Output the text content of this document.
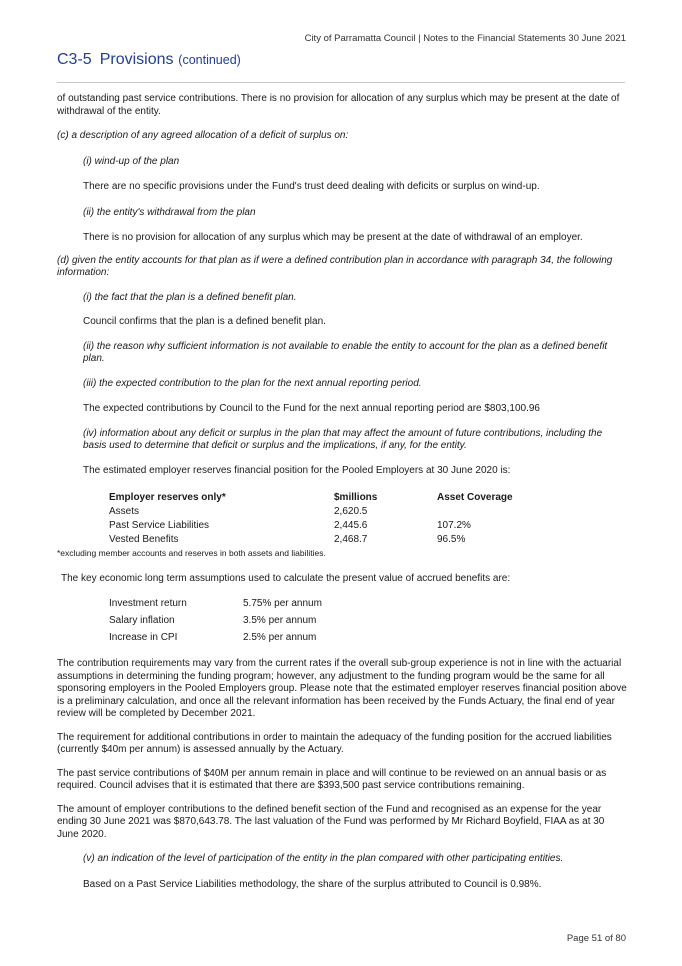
City of Parramatta Council | Notes to the Financial Statements 30 June 2021
C3-5 Provisions (continued)

of outstanding past service contributions. There is no provision for allocation of any surplus which may be present at the date of withdrawal of the entity.

(c) a description of any agreed allocation of a deficit of surplus on:

(i) wind-up of the plan

There are no specific provisions under the Fund's trust deed dealing with deficits or surplus on wind-up.

(ii) the entity's withdrawal from the plan

There is no provision for allocation of any surplus which may be present at the date of withdrawal of an employer.

(d) given the entity accounts for that plan as if were a defined contribution plan in accordance with paragraph 34, the following information:

(i) the fact that the plan is a defined benefit plan.

Council confirms that the plan is a defined benefit plan.

(ii) the reason why sufficient information is not available to enable the entity to account for the plan as a defined benefit plan.

(iii) the expected contribution to the plan for the next annual reporting period.

The expected contributions by Council to the Fund for the next annual reporting period are $803,100.96

(iv) information about any deficit or surplus in the plan that may affect the amount of future contributions, including the basis used to determine that deficit or surplus and the implications, if any, for the entity.

The estimated employer reserves financial position for the Pooled Employers at 30 June 2020 is:

Employer reserves only*	$millions	Asset Coverage
Assets	2,620.5	
Past Service Liabilities	2,445.6	107.2%
Vested Benefits	2,468.7	96.5%

*excluding member accounts and reserves in both assets and liabilities.

The key economic long term assumptions used to calculate the present value of accrued benefits are:

Investment return	5.75% per annum
Salary inflation	3.5% per annum
Increase in CPI	2.5% per annum

The contribution requirements may vary from the current rates if the overall sub-group experience is not in line with the actuarial assumptions in determining the funding program; however, any adjustment to the funding program would be the same for all sponsoring employers in the Pooled Employers group. Please note that the estimated employer reserves financial position above is a preliminary calculation, and once all the relevant information has been received by the Funds Actuary, the final end of year review will be completed by December 2021.

The requirement for additional contributions in order to maintain the adequacy of the funding position for the accrued liabilities (currently $40m per annum) is assessed annually by the Actuary.

The past service contributions of $40M per annum remain in place and will continue to be reviewed on an annual basis or as required. Council advises that it is estimated that there are $393,500 past service contributions remaining.

The amount of employer contributions to the defined benefit section of the Fund and recognised as an expense for the year ending 30 June 2021 was $870,643.78. The last valuation of the Fund was performed by Mr Richard Boyfield, FIAA as at 30 June 2020.

(v) an indication of the level of participation of the entity in the plan compared with other participating entities.

Based on a Past Service Liabilities methodology, the share of the surplus attributed to Council is 0.98%.

Page 51 of 80
